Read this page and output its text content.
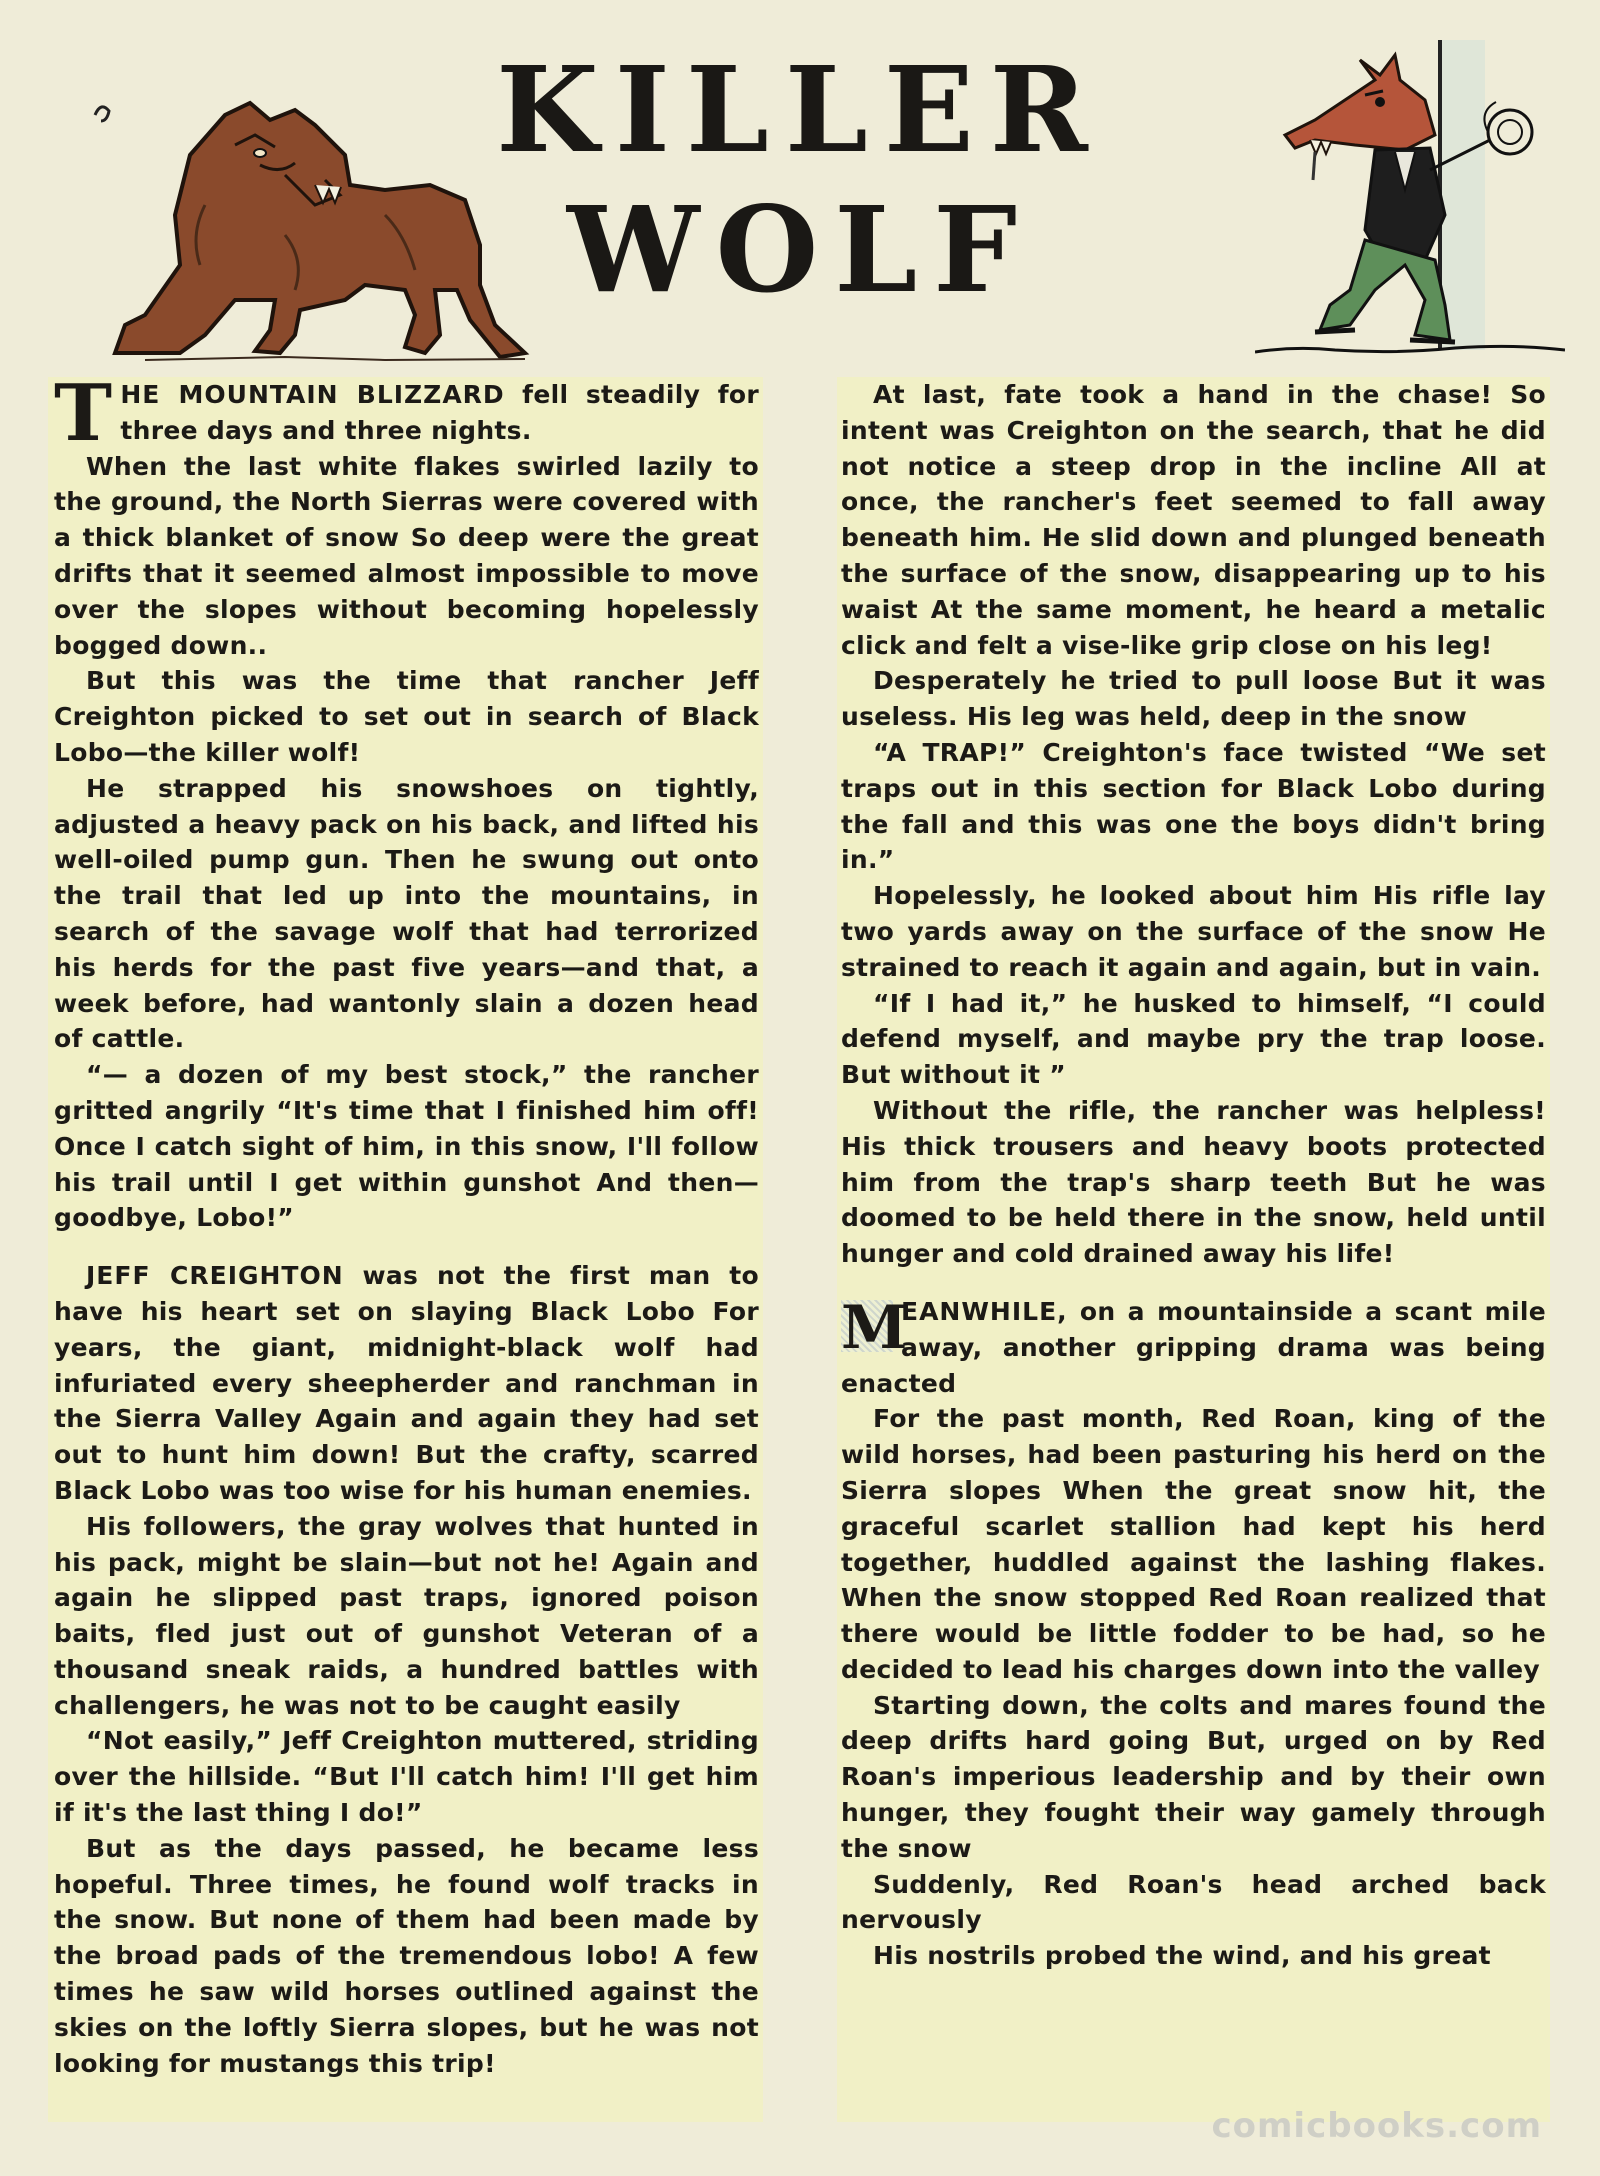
KILLER WOLF

THE MOUNTAIN BLIZZARD fell steadily for three days and three nights.

When the last white flakes swirled lazily to the ground, the North Sierras were covered with a thick blanket of snow So deep were the great drifts that it seemed almost impossible to move over the slopes without becoming hopelessly bogged down..

But this was the time that rancher Jeff Creighton picked to set out in search of Black Lobo—the killer wolf!

He strapped his snowshoes on tightly, adjusted a heavy pack on his back, and lifted his well-oiled pump gun. Then he swung out onto the trail that led up into the mountains, in search of the savage wolf that had terrorized his herds for the past five years—and that, a week before, had wantonly slain a dozen head of cattle.

“— a dozen of my best stock,” the rancher gritted angrily “It's time that I finished him off! Once I catch sight of him, in this snow, I'll follow his trail until I get within gunshot And then—goodbye, Lobo!”

JEFF CREIGHTON was not the first man to have his heart set on slaying Black Lobo For years, the giant, midnight-black wolf had infuriated every sheepherder and ranchman in the Sierra Valley Again and again they had set out to hunt him down! But the crafty, scarred Black Lobo was too wise for his human enemies.

His followers, the gray wolves that hunted in his pack, might be slain—but not he! Again and again he slipped past traps, ignored poison baits, fled just out of gunshot Veteran of a thousand sneak raids, a hundred battles with challengers, he was not to be caught easily

“Not easily,” Jeff Creighton muttered, striding over the hillside. “But I'll catch him! I'll get him if it's the last thing I do!”

But as the days passed, he became less hopeful. Three times, he found wolf tracks in the snow. But none of them had been made by the broad pads of the tremendous lobo! A few times he saw wild horses outlined against the skies on the loftly Sierra slopes, but he was not looking for mustangs this trip!

At last, fate took a hand in the chase! So intent was Creighton on the search, that he did not notice a steep drop in the incline All at once, the rancher's feet seemed to fall away beneath him. He slid down and plunged beneath the surface of the snow, disappearing up to his waist At the same moment, he heard a metalic click and felt a vise-like grip close on his leg!

Desperately he tried to pull loose But it was useless. His leg was held, deep in the snow

“A TRAP!” Creighton's face twisted “We set traps out in this section for Black Lobo during the fall and this was one the boys didn't bring in.”

Hopelessly, he looked about him His rifle lay two yards away on the surface of the snow He strained to reach it again and again, but in vain.

“If I had it,” he husked to himself, “I could defend myself, and maybe pry the trap loose. But without it ”

Without the rifle, the rancher was helpless! His thick trousers and heavy boots protected him from the trap's sharp teeth But he was doomed to be held there in the snow, held until hunger and cold drained away his life!

M
EANWHILE, on a mountainside a scant mile away, another gripping drama was being enacted

For the past month, Red Roan, king of the wild horses, had been pasturing his herd on the Sierra slopes When the great snow hit, the graceful scarlet stallion had kept his herd together, huddled against the lashing flakes. When the snow stopped Red Roan realized that there would be little fodder to be had, so he decided to lead his charges down into the valley

Starting down, the colts and mares found the deep drifts hard going But, urged on by Red Roan's imperious leadership and by their own hunger, they fought their way gamely through the snow

Suddenly, Red Roan's head arched back nervously

His nostrils probed the wind, and his great

comicbooks.com
